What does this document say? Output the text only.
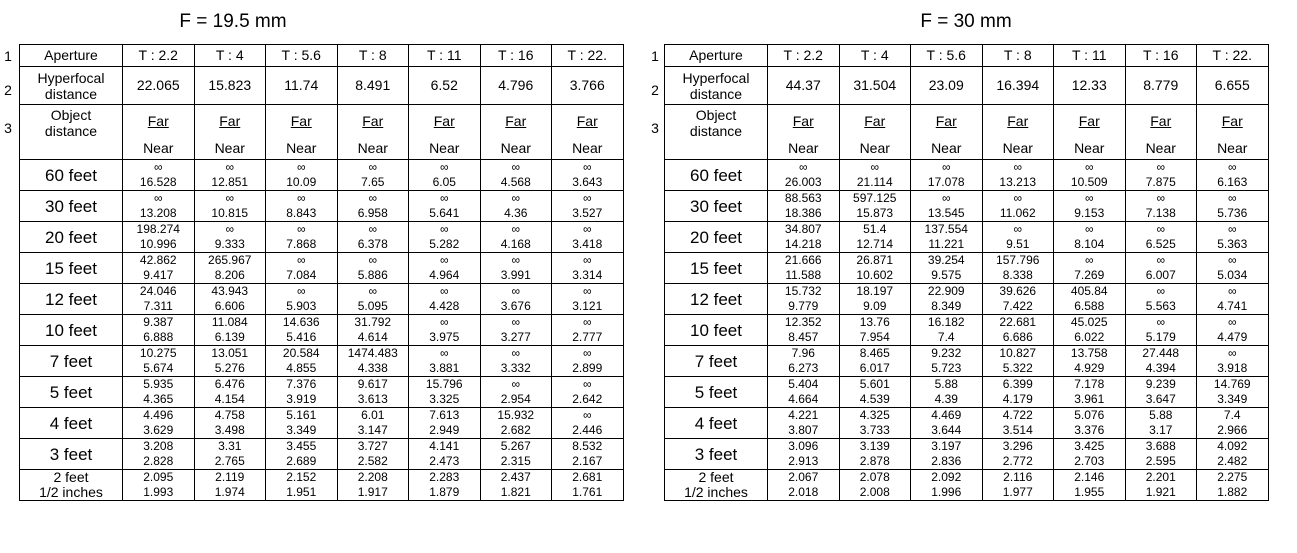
F = 19.5 mm
1
2
3
Aperture	T : 2.2	T : 4	T : 5.6	T : 8	T : 11	T : 16	T : 22.

Hyperfocal
distance	22.065	15.823	11.74	8.491	6.52	4.796	3.766

Object
distance	Far	Far	Far	Far	Far	Far	Far
	Near	Near	Near	Near	Near	Near	Near
60 feet	∞	∞	∞	∞	∞	∞	∞
	16.528	12.851	10.09	7.65	6.05	4.568	3.643
30 feet	∞	∞	∞	∞	∞	∞	∞
	13.208	10.815	8.843	6.958	5.641	4.36	3.527
20 feet	198.274	∞	∞	∞	∞	∞	∞
	10.996	9.333	7.868	6.378	5.282	4.168	3.418
15 feet	42.862	265.967	∞	∞	∞	∞	∞
	9.417	8.206	7.084	5.886	4.964	3.991	3.314
12 feet	24.046	43.943	∞	∞	∞	∞	∞
	7.311	6.606	5.903	5.095	4.428	3.676	3.121
10 feet	9.387	11.084	14.636	31.792	∞	∞	∞
	6.888	6.139	5.416	4.614	3.975	3.277	2.777
7 feet	10.275	13.051	20.584	1474.483	∞	∞	∞
	5.674	5.276	4.855	4.338	3.881	3.332	2.899
5 feet	5.935	6.476	7.376	9.617	15.796	∞	∞
	4.365	4.154	3.919	3.613	3.325	2.954	2.642
4 feet	4.496	4.758	5.161	6.01	7.613	15.932	∞
	3.629	3.498	3.349	3.147	2.949	2.682	2.446
3 feet	3.208	3.31	3.455	3.727	4.141	5.267	8.532
	2.828	2.765	2.689	2.582	2.473	2.315	2.167

2 feet
1/2 inches	2.095	2.119	2.152	2.208	2.283	2.437	2.681
	1.993	1.974	1.951	1.917	1.879	1.821	1.761
F = 30 mm
1
2
3
Aperture	T : 2.2	T : 4	T : 5.6	T : 8	T : 11	T : 16	T : 22.

Hyperfocal
distance	44.37	31.504	23.09	16.394	12.33	8.779	6.655

Object
distance	Far	Far	Far	Far	Far	Far	Far
	Near	Near	Near	Near	Near	Near	Near
60 feet	∞	∞	∞	∞	∞	∞	∞
	26.003	21.114	17.078	13.213	10.509	7.875	6.163
30 feet	88.563	597.125	∞	∞	∞	∞	∞
	18.386	15.873	13.545	11.062	9.153	7.138	5.736
20 feet	34.807	51.4	137.554	∞	∞	∞	∞
	14.218	12.714	11.221	9.51	8.104	6.525	5.363
15 feet	21.666	26.871	39.254	157.796	∞	∞	∞
	11.588	10.602	9.575	8.338	7.269	6.007	5.034
12 feet	15.732	18.197	22.909	39.626	405.84	∞	∞
	9.779	9.09	8.349	7.422	6.588	5.563	4.741
10 feet	12.352	13.76	16.182	22.681	45.025	∞	∞
	8.457	7.954	7.4	6.686	6.022	5.179	4.479
7 feet	7.96	8.465	9.232	10.827	13.758	27.448	∞
	6.273	6.017	5.723	5.322	4.929	4.394	3.918
5 feet	5.404	5.601	5.88	6.399	7.178	9.239	14.769
	4.664	4.539	4.39	4.179	3.961	3.647	3.349
4 feet	4.221	4.325	4.469	4.722	5.076	5.88	7.4
	3.807	3.733	3.644	3.514	3.376	3.17	2.966
3 feet	3.096	3.139	3.197	3.296	3.425	3.688	4.092
	2.913	2.878	2.836	2.772	2.703	2.595	2.482

2 feet
1/2 inches	2.067	2.078	2.092	2.116	2.146	2.201	2.275
	2.018	2.008	1.996	1.977	1.955	1.921	1.882
